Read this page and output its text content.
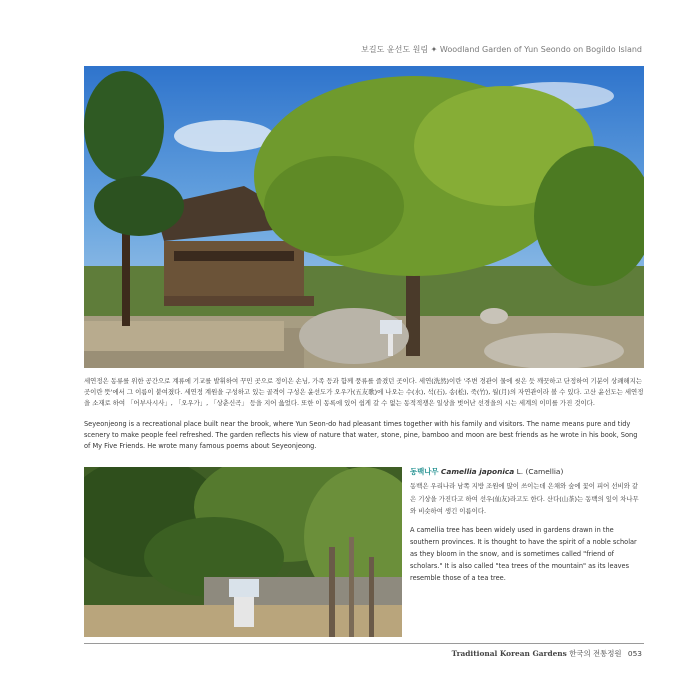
보길도 윤선도 원림 ✦ Woodland Garden of Yun Seondo on Bogildo Island
세연정은 동류를 위한 공간으로 계류에 기교를 발휘하여 꾸민 곳으로 정이은 손님, 가족 등과 함께 풍류를 즐겼던 곳이다. 세연(洗然)이란 '주변 경관이 물에 씻은 듯 깨끗하고 단정하여 기분이 상쾌해지는 곳이란 뜻'에서 그 이름이 붙여졌다. 세연정 계원을 구성하고 있는 골격이 구성은 윤선도가 오우가(五友歌)에 나오는 수(水), 석(石), 송(松), 죽(竹), 월(月)의 자연관이라 볼 수 있다. 고산 윤선도는 세연정을 소재로 하여 「어부사시사」, 「오우가」, 「상춘신곡」 등을 지어 읊었다. 또한 이 동록에 있어 쉽게 갈 수 없는 동적적쟁은 일상을 벗어난 선경을의 시는 세계의 이미를 가진 것이다.
Seyeonjeong is a recreational place built near the brook, where Yun Seon-do had pleasant times together with his family and visitors. The name means pure and tidy scenery to make people feel refreshed. The garden reflects his view of nature that water, stone, pine, bamboo and moon are best friends as he wrote in his book, Song of My Five Friends. He wrote many famous poems about Seyeonjeong.
동백나무 Camellia japonica L. (Camellia)
동백은 우리나라 남쪽 지방 조원에 많이 쓰이는데 은채와 숲에 꽃이 피어 선비와 같은 기상을 가진다고 하여 선우(仙友)라고도 한다. 산다(山茶)는 동백의 잎이 차나무와 비슷하여 생긴 이름이다.
A camellia tree has been widely used in gardens drawn in the southern provinces. It is thought to have the spirit of a noble scholar as they bloom in the snow, and is sometimes called "friend of scholars." It is also called "tea trees of the mountain" as its leaves resemble those of a tea tree.
Traditional Korean Gardens 한국의 전통정원 053
